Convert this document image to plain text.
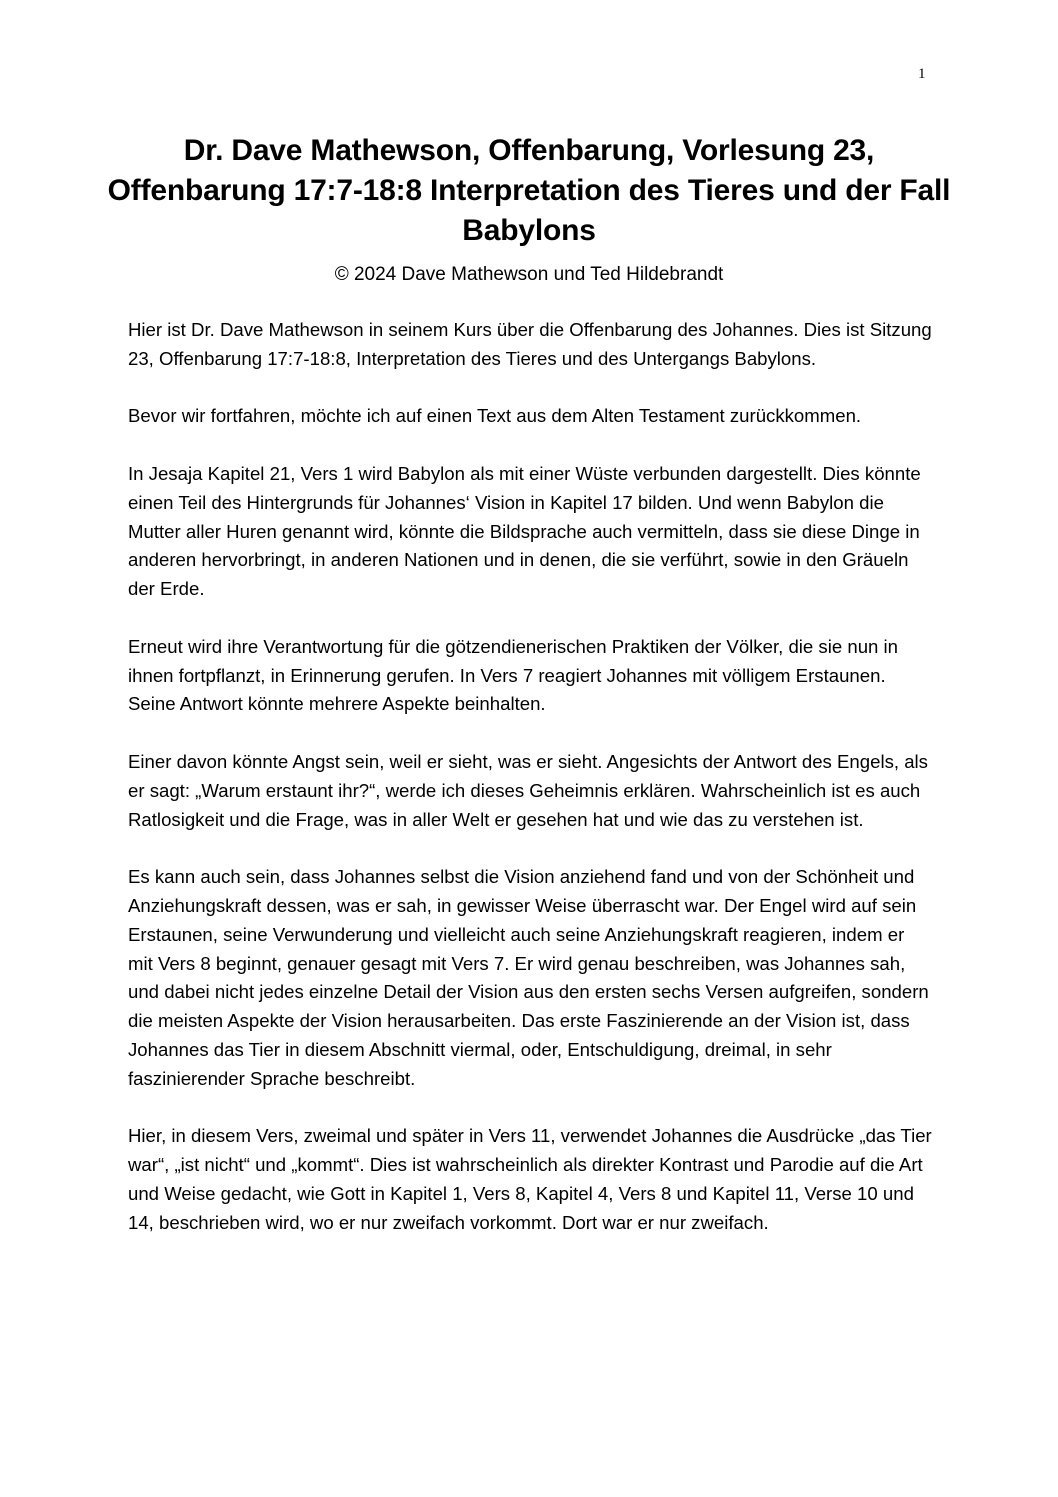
1
Dr. Dave Mathewson, Offenbarung, Vorlesung 23, Offenbarung 17:7-18:8 Interpretation des Tieres und der Fall Babylons
© 2024 Dave Mathewson und Ted Hildebrandt

Hier ist Dr. Dave Mathewson in seinem Kurs über die Offenbarung des Johannes. Dies ist Sitzung 23, Offenbarung 17:7-18:8, Interpretation des Tieres und des Untergangs Babylons.

Bevor wir fortfahren, möchte ich auf einen Text aus dem Alten Testament zurückkommen.

In Jesaja Kapitel 21, Vers 1 wird Babylon als mit einer Wüste verbunden dargestellt. Dies könnte einen Teil des Hintergrunds für Johannes‘ Vision in Kapitel 17 bilden. Und wenn Babylon die Mutter aller Huren genannt wird, könnte die Bildsprache auch vermitteln, dass sie diese Dinge in anderen hervorbringt, in anderen Nationen und in denen, die sie verführt, sowie in den Gräueln der Erde.

Erneut wird ihre Verantwortung für die götzendienerischen Praktiken der Völker, die sie nun in ihnen fortpflanzt, in Erinnerung gerufen. In Vers 7 reagiert Johannes mit völligem Erstaunen. Seine Antwort könnte mehrere Aspekte beinhalten.

Einer davon könnte Angst sein, weil er sieht, was er sieht. Angesichts der Antwort des Engels, als er sagt: „Warum erstaunt ihr?“, werde ich dieses Geheimnis erklären. Wahrscheinlich ist es auch Ratlosigkeit und die Frage, was in aller Welt er gesehen hat und wie das zu verstehen ist.

Es kann auch sein, dass Johannes selbst die Vision anziehend fand und von der Schönheit und Anziehungskraft dessen, was er sah, in gewisser Weise überrascht war. Der Engel wird auf sein Erstaunen, seine Verwunderung und vielleicht auch seine Anziehungskraft reagieren, indem er mit Vers 8 beginnt, genauer gesagt mit Vers 7. Er wird genau beschreiben, was Johannes sah, und dabei nicht jedes einzelne Detail der Vision aus den ersten sechs Versen aufgreifen, sondern die meisten Aspekte der Vision herausarbeiten. Das erste Faszinierende an der Vision ist, dass Johannes das Tier in diesem Abschnitt viermal, oder, Entschuldigung, dreimal, in sehr faszinierender Sprache beschreibt.

Hier, in diesem Vers, zweimal und später in Vers 11, verwendet Johannes die Ausdrücke „das Tier war“, „ist nicht“ und „kommt“. Dies ist wahrscheinlich als direkter Kontrast und Parodie auf die Art und Weise gedacht, wie Gott in Kapitel 1, Vers 8, Kapitel 4, Vers 8 und Kapitel 11, Verse 10 und 14, beschrieben wird, wo er nur zweifach vorkommt. Dort war er nur zweifach.
